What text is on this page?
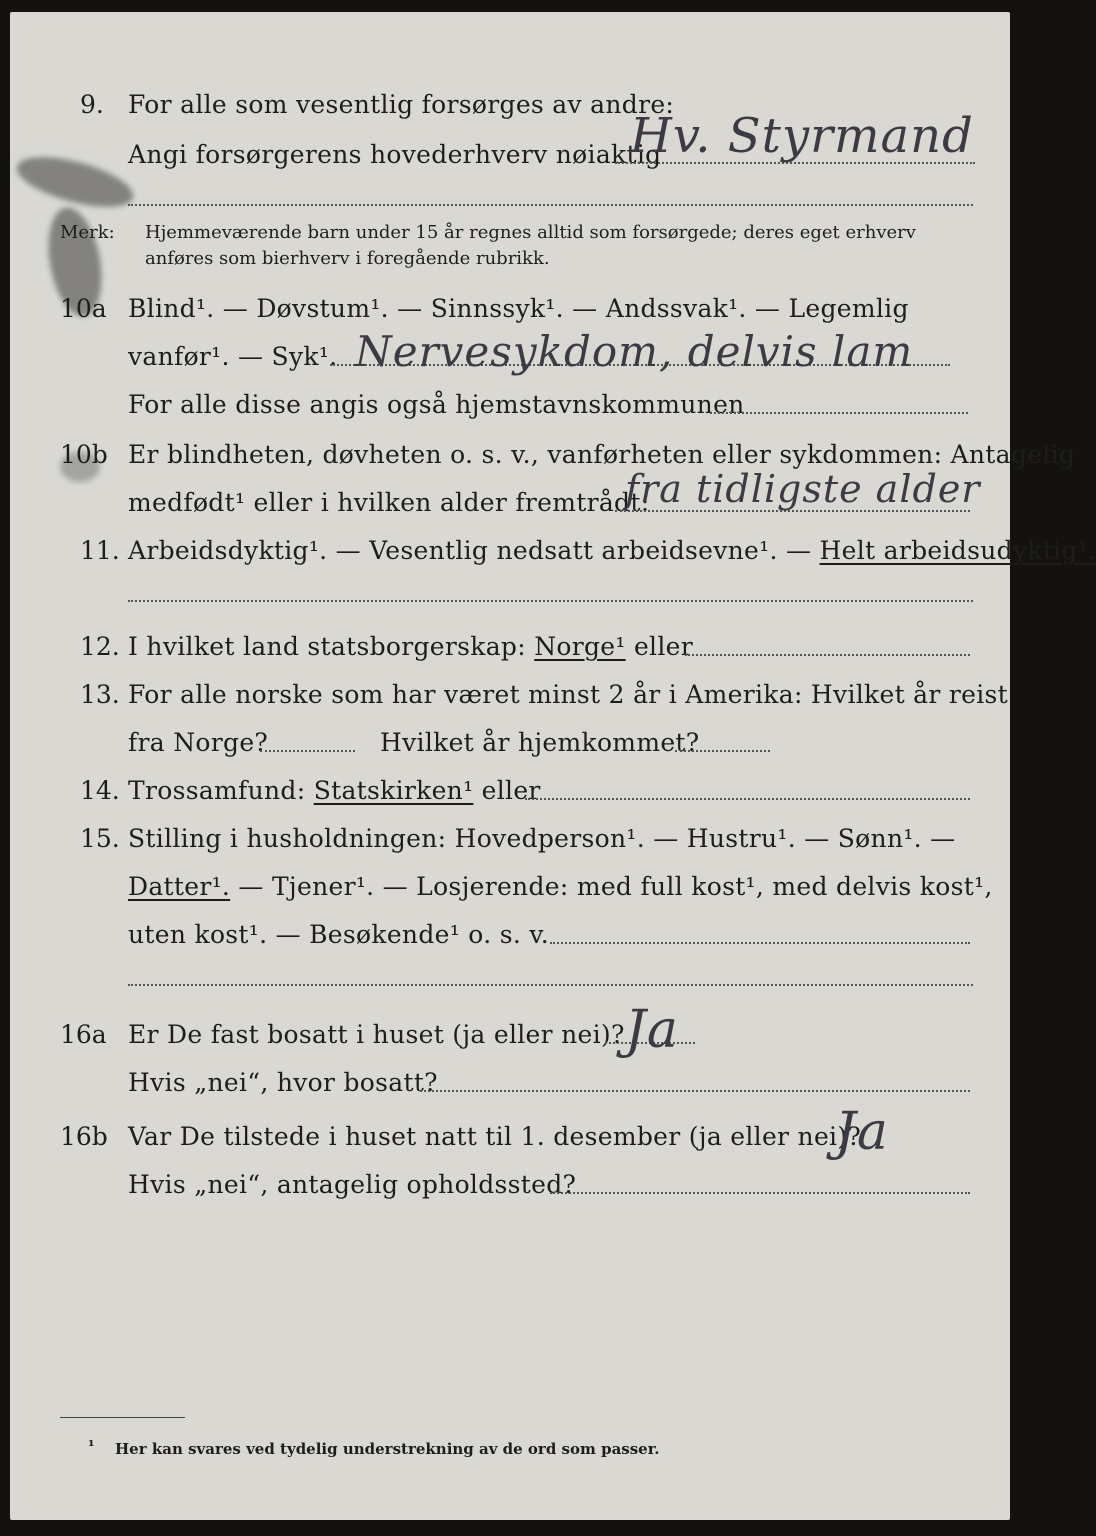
9. For alle som vesentlig forsørges av andre:
Angi forsørgerens hovederhverv nøiaktig
Hv. Styrmand
Merk: Hjemmeværende barn under 15 år regnes alltid som forsørgede; deres eget erhverv
anføres som bierhverv i foregående rubrikk.
10a Blind¹. — Døvstum¹. — Sinnssyk¹. — Andssvak¹. — Legemlig
vanfør¹. — Syk¹. Nervesykdom, delvis lam
For alle disse angis også hjemstavnskommunen
10b Er blindheten, døvheten o. s. v., vanførheten eller sykdommen: Antagelig
medfødt¹ eller i hvilken alder fremtrådt:
fra tidligste alder
11. Arbeidsdyktig¹. — Vesentlig nedsatt arbeidsevne¹. — Helt arbeidsudyktig¹.
12. I hvilket land statsborgerskap: Norge¹ eller
13. For alle norske som har været minst 2 år i Amerika: Hvilket år reist
fra Norge?	Hvilket år hjemkommet?
14. Trossamfund: Statskirken¹ eller
15. Stilling i husholdningen: Hovedperson¹. — Hustru¹. — Sønn¹. —
Datter¹. — Tjener¹. — Losjerende: med full kost¹, med delvis kost¹,
uten kost¹. — Besøkende¹ o. s. v.
16a Er De fast bosatt i huset (ja eller nei)? Ja
Hvis „nei“, hvor bosatt?
16b Var De tilstede i huset natt til 1. desember (ja eller nei)?
Ja
Hvis „nei“, antagelig opholdssted?
¹ Her kan svares ved tydelig understrekning av de ord som passer.
